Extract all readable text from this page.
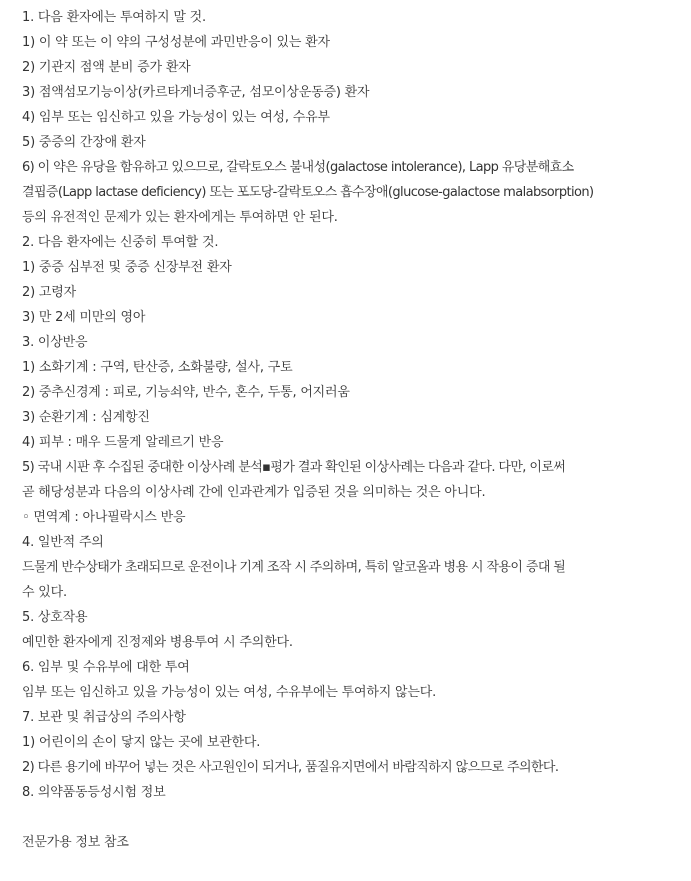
1. 다음 환자에는 투여하지 말 것.
1) 이 약 또는 이 약의 구성성분에 과민반응이 있는 환자
2) 기관지 점액 분비 증가 환자
3) 점액섬모기능이상(카르타게너증후군, 섬모이상운동증) 환자
4) 임부 또는 임신하고 있을 가능성이 있는 여성, 수유부
5) 중증의 간장애 환자
6) 이 약은 유당을 함유하고 있으므로, 갈락토오스 불내성(galactose intolerance), Lapp 유당분해효소
결핍증(Lapp lactase deficiency) 또는 포도당-갈락토오스 흡수장애(glucose-galactose malabsorption)
등의 유전적인 문제가 있는 환자에게는 투여하면 안 된다.
2. 다음 환자에는 신중히 투여할 것.
1) 중증 심부전 및 중증 신장부전 환자
2) 고령자
3) 만 2세 미만의 영아
3. 이상반응
1) 소화기계 : 구역, 탄산증, 소화불량, 설사, 구토
2) 중추신경계 : 피로, 기능쇠약, 반수, 혼수, 두통, 어지러움
3) 순환기계 : 심계항진
4) 피부 : 매우 드물게 알레르기 반응
5) 국내 시판 후 수집된 중대한 이상사례 분석▪평가 결과 확인된 이상사례는 다음과 같다. 다만, 이로써
곧 해당성분과 다음의 이상사례 간에 인과관계가 입증된 것을 의미하는 것은 아니다.
◦ 면역계 : 아나필락시스 반응
4. 일반적 주의
드물게 반수상태가 초래되므로 운전이나 기계 조작 시 주의하며, 특히 알코올과 병용 시 작용이 증대 될
수 있다.
5. 상호작용
예민한 환자에게 진정제와 병용투여 시 주의한다.
6. 임부 및 수유부에 대한 투여
임부 또는 임신하고 있을 가능성이 있는 여성, 수유부에는 투여하지 않는다.
7. 보관 및 취급상의 주의사항
1) 어린이의 손이 닿지 않는 곳에 보관한다.
2) 다른 용기에 바꾸어 넣는 것은 사고원인이 되거나, 품질유지면에서 바람직하지 않으므로 주의한다.
8. 의약품동등성시험 정보
전문가용 정보 참조
